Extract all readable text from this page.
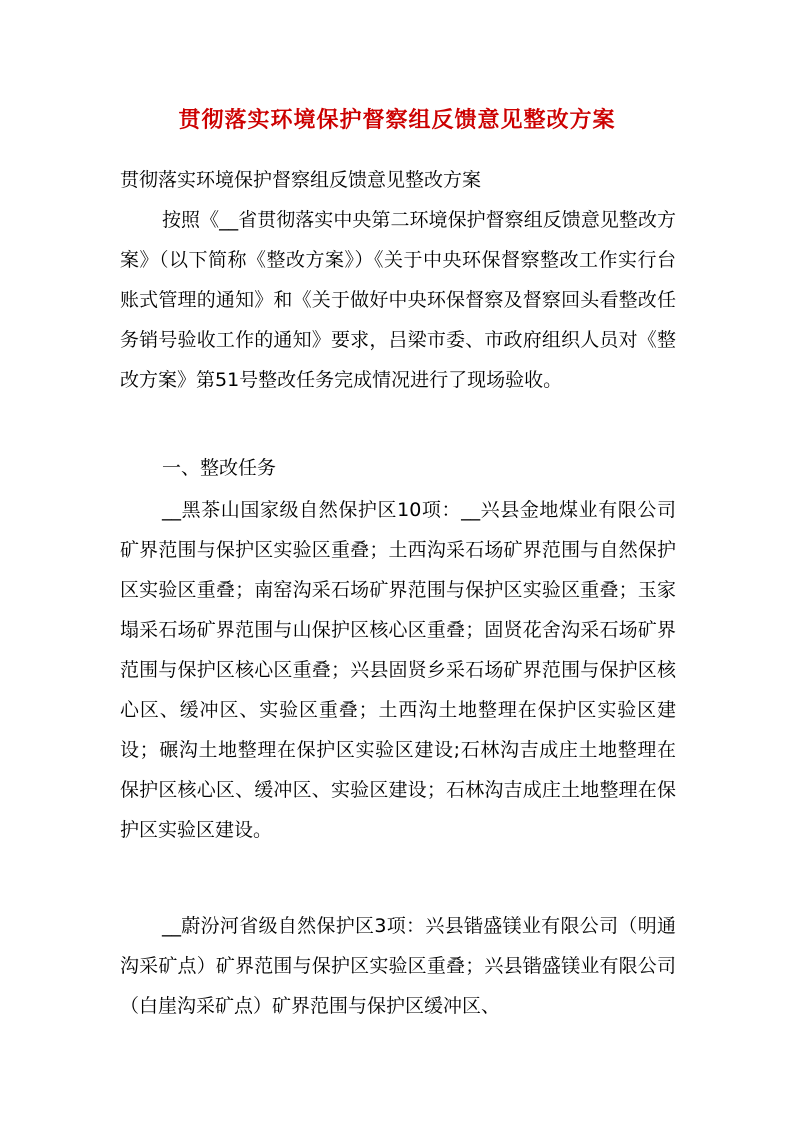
贯彻落实环境保护督察组反馈意见整改方案

贯彻落实环境保护督察组反馈意见整改方案

按照《__省贯彻落实中央第二环境保护督察组反馈意见整改方案》（以下简称《整改方案》）《关于中央环保督察整改工作实行台账式管理的通知》和《关于做好中央环保督察及督察回头看整改任务销号验收工作的通知》要求，吕梁市委、市政府组织人员对《整改方案》第51号整改任务完成情况进行了现场验收。

一、整改任务

__黑茶山国家级自然保护区10项：__兴县金地煤业有限公司矿界范围与保护区实验区重叠；土西沟采石场矿界范围与自然保护区实验区重叠；南窑沟采石场矿界范围与保护区实验区重叠；玉家塌采石场矿界范围与山保护区核心区重叠；固贤花舍沟采石场矿界范围与保护区核心区重叠；兴县固贤乡采石场矿界范围与保护区核心区、缓冲区、实验区重叠；土西沟土地整理在保护区实验区建设；碾沟土地整理在保护区实验区建设;石林沟吉成庄土地整理在保护区核心区、缓冲区、实验区建设；石林沟吉成庄土地整理在保护区实验区建设。

__蔚汾河省级自然保护区3项：兴县锴盛镁业有限公司（明通沟采矿点）矿界范围与保护区实验区重叠；兴县锴盛镁业有限公司（白崖沟采矿点）矿界范围与保护区缓冲区、
